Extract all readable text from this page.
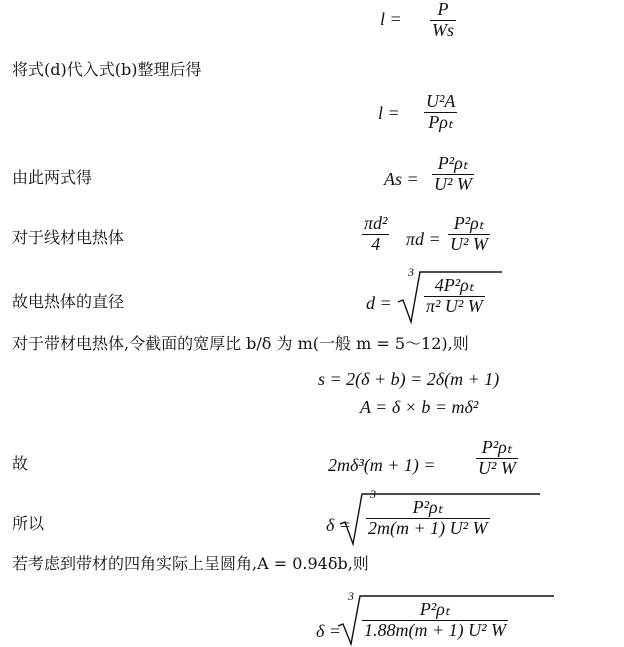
l = P
Ws
将式(d)代入式(b)整理后得
l =
U²A
Pρₜ
由此两式得	As =
P²ρₜ
U² W
对于线材电热体
πd²
4 πd =
P²ρₜ
U² W
故电热体的直径	d =
3
4P²ρₜ
π² U² W
对于带材电热体,令截面的宽厚比 b/δ 为 m(一般 m = 5～12),则
s = 2(δ + b) = 2δ(m + 1)
A = δ × b = mδ²
故	2mδ³(m + 1) =
P²ρₜ
U² W
所以	δ =
3
P²ρₜ
2m(m + 1) U² W
若考虑到带材的四角实际上呈圆角,A = 0.94δb,则
δ =
3
P²ρₜ
1.88m(m + 1) U² W
